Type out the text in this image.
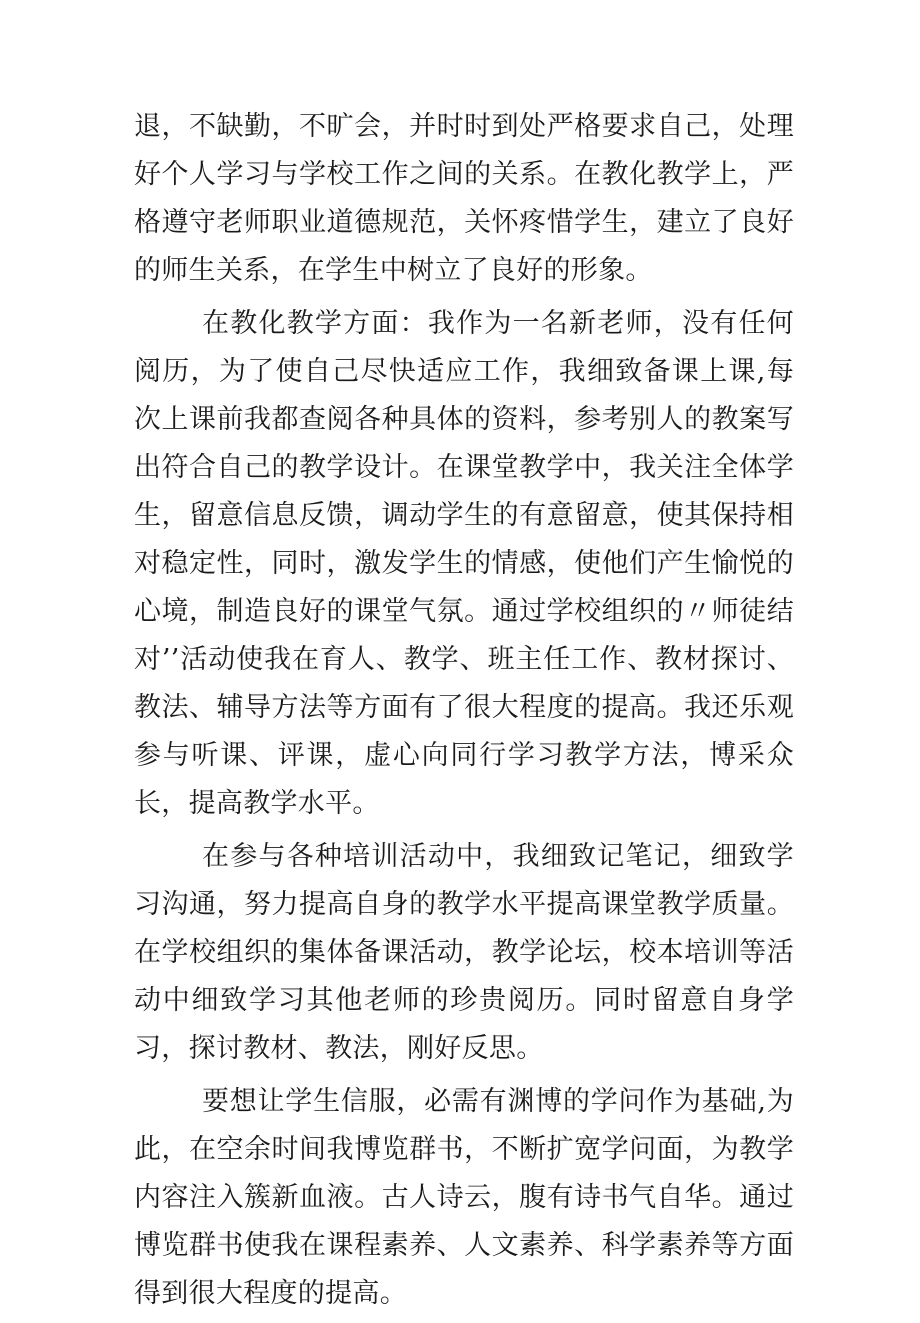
退，不缺勤，不旷会，并时时到处严格要求自己，处理好个人学习与学校工作之间的关系。在教化教学上，严格遵守老师职业道德规范，关怀疼惜学生，建立了良好的师生关系，在学生中树立了良好的形象。

在教化教学方面：我作为一名新老师，没有任何阅历，为了使自己尽快适应工作，我细致备课上课,每次上课前我都查阅各种具体的资料，参考别人的教案写出符合自己的教学设计。在课堂教学中，我关注全体学生，留意信息反馈，调动学生的有意留意，使其保持相对稳定性，同时，激发学生的情感，使他们产生愉悦的心境，制造良好的课堂气氛。通过学校组织的〃师徒结对’’活动使我在育人、教学、班主任工作、教材探讨、教法、辅导方法等方面有了很大程度的提高。我还乐观参与听课、评课，虚心向同行学习教学方法，博采众长，提高教学水平。

在参与各种培训活动中，我细致记笔记，细致学习沟通，努力提高自身的教学水平提高课堂教学质量。在学校组织的集体备课活动，教学论坛，校本培训等活动中细致学习其他老师的珍贵阅历。同时留意自身学习，探讨教材、教法，刚好反思。

要想让学生信服，必需有渊博的学问作为基础,为此，在空余时间我博览群书，不断扩宽学问面，为教学内容注入簇新血液。古人诗云，腹有诗书气自华。通过博览群书使我在课程素养、人文素养、科学素养等方面得到很大程度的提高。
